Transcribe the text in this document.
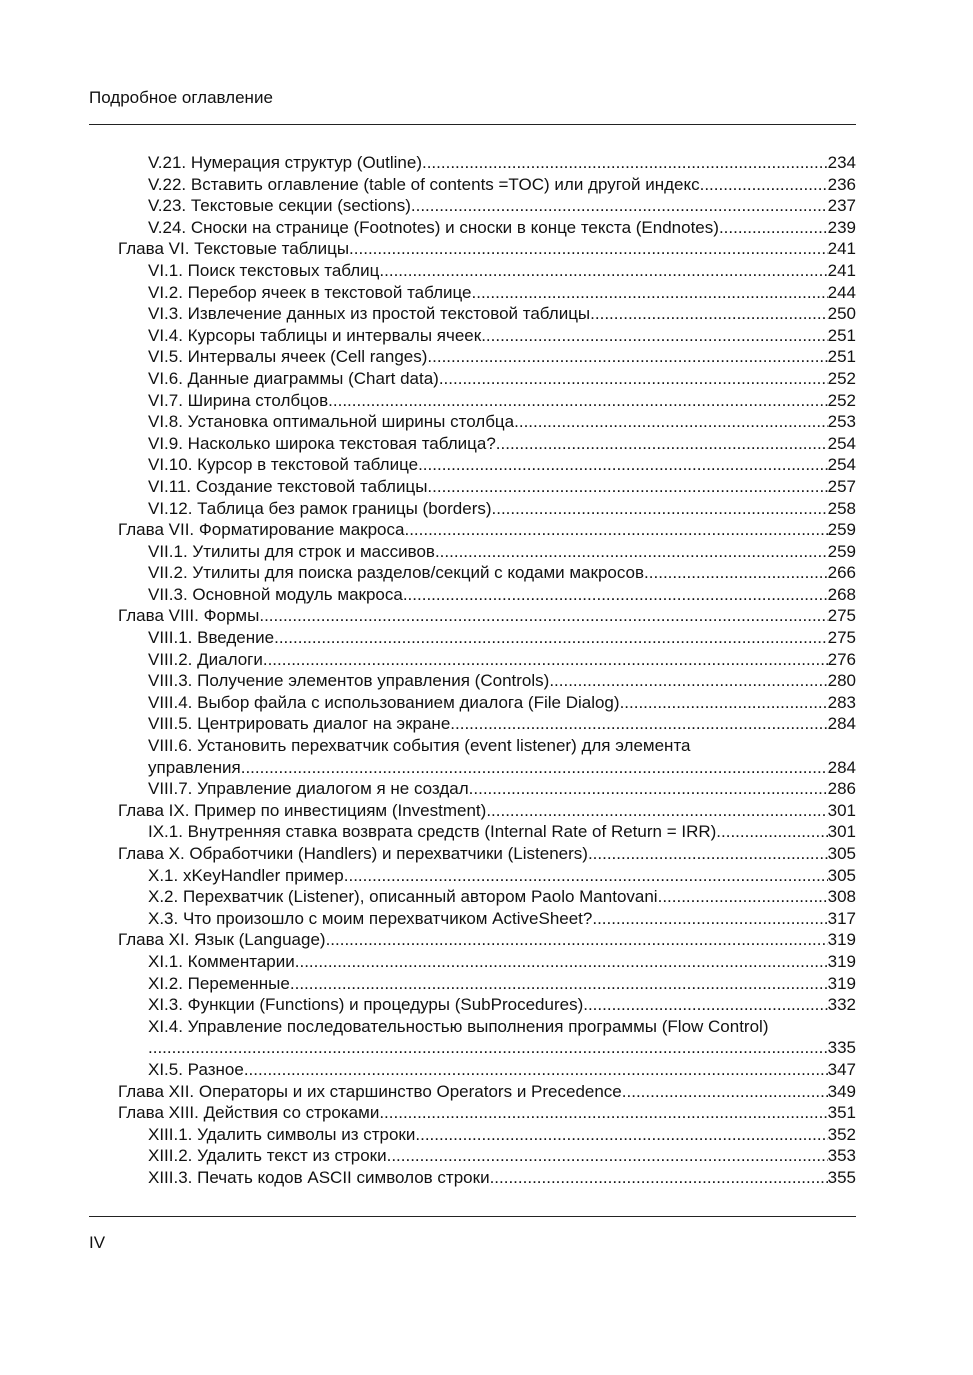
Подробное оглавление
V.21. Нумерация структур (Outline) .....	234
V.22. Вставить оглавление (table of contents =TOC) или другой индекс .....	236
V.23. Текстовые секции (sections) .....	237
V.24. Сноски на странице (Footnotes) и сноски в конце текста (Endnotes) .....	239
Глава VI. Текстовые таблицы .....	241
VI.1. Поиск текстовых таблиц .....	241
VI.2. Перебор ячеек в текстовой таблице .....	244
VI.3. Извлечение данных из простой текстовой таблицы .....	250
VI.4. Курсоры таблицы и интервалы ячеек .....	251
VI.5. Интервалы ячеек (Cell ranges) .....	251
VI.6. Данные диаграммы (Chart data) .....	252
VI.7. Ширина столбцов .....	252
VI.8. Установка оптимальной ширины столбца .....	253
VI.9. Насколько широка текстовая таблица? .....	254
VI.10. Курсор в текстовой таблице .....	254
VI.11. Создание текстовой таблицы .....	257
VI.12. Таблица без рамок границы (borders) .....	258
Глава VII. Форматирование макроса .....	259
VII.1. Утилиты для строк и массивов .....	259
VII.2. Утилиты для поиска разделов/секций с кодами макросов .....	266
VII.3. Основной модуль макроса .....	268
Глава VIII. Формы .....	275
VIII.1. Введение .....	275
VIII.2. Диалоги .....	276
VIII.3. Получение элементов управления (Controls) .....	280
VIII.4. Выбор файла с использованием диалога (File Dialog) .....	283
VIII.5. Центрировать диалог на экране .....	284
VIII.6. Установить перехватчик события (event listener) для элемента
управления .....	284
VIII.7. Управление диалогом я не создал .....	286
Глава IX. Пример по инвестициям (Investment) .....	301
IX.1. Внутренняя ставка возврата средств (Internal Rate of Return = IRR) .....	301
Глава X. Обработчики (Handlers) и перехватчики (Listeners) .....	305
X.1. xKeyHandler пример .....	305
X.2. Перехватчик (Listener), описанный автором Paolo Mantovani .....	308
X.3. Что произошло с моим перехватчиком ActiveSheet? .....	317
Глава XI. Язык (Language) .....	319
XI.1. Комментарии .....	319
XI.2. Переменные .....	319
XI.3. Функции (Functions) и процедуры (SubProcedures) .....	332
XI.4. Управление последовательностью выполнения программы (Flow Control)
.....
335
XI.5. Разное .....	347
Глава XII. Операторы и их старшинство Operators и Precedence .....	349
Глава XIII. Действия со строками .....	351
XIII.1. Удалить символы из строки .....	352
XIII.2. Удалить текст из строки .....	353
XIII.3. Печать кодов ASCII символов строки .....	355
IV
